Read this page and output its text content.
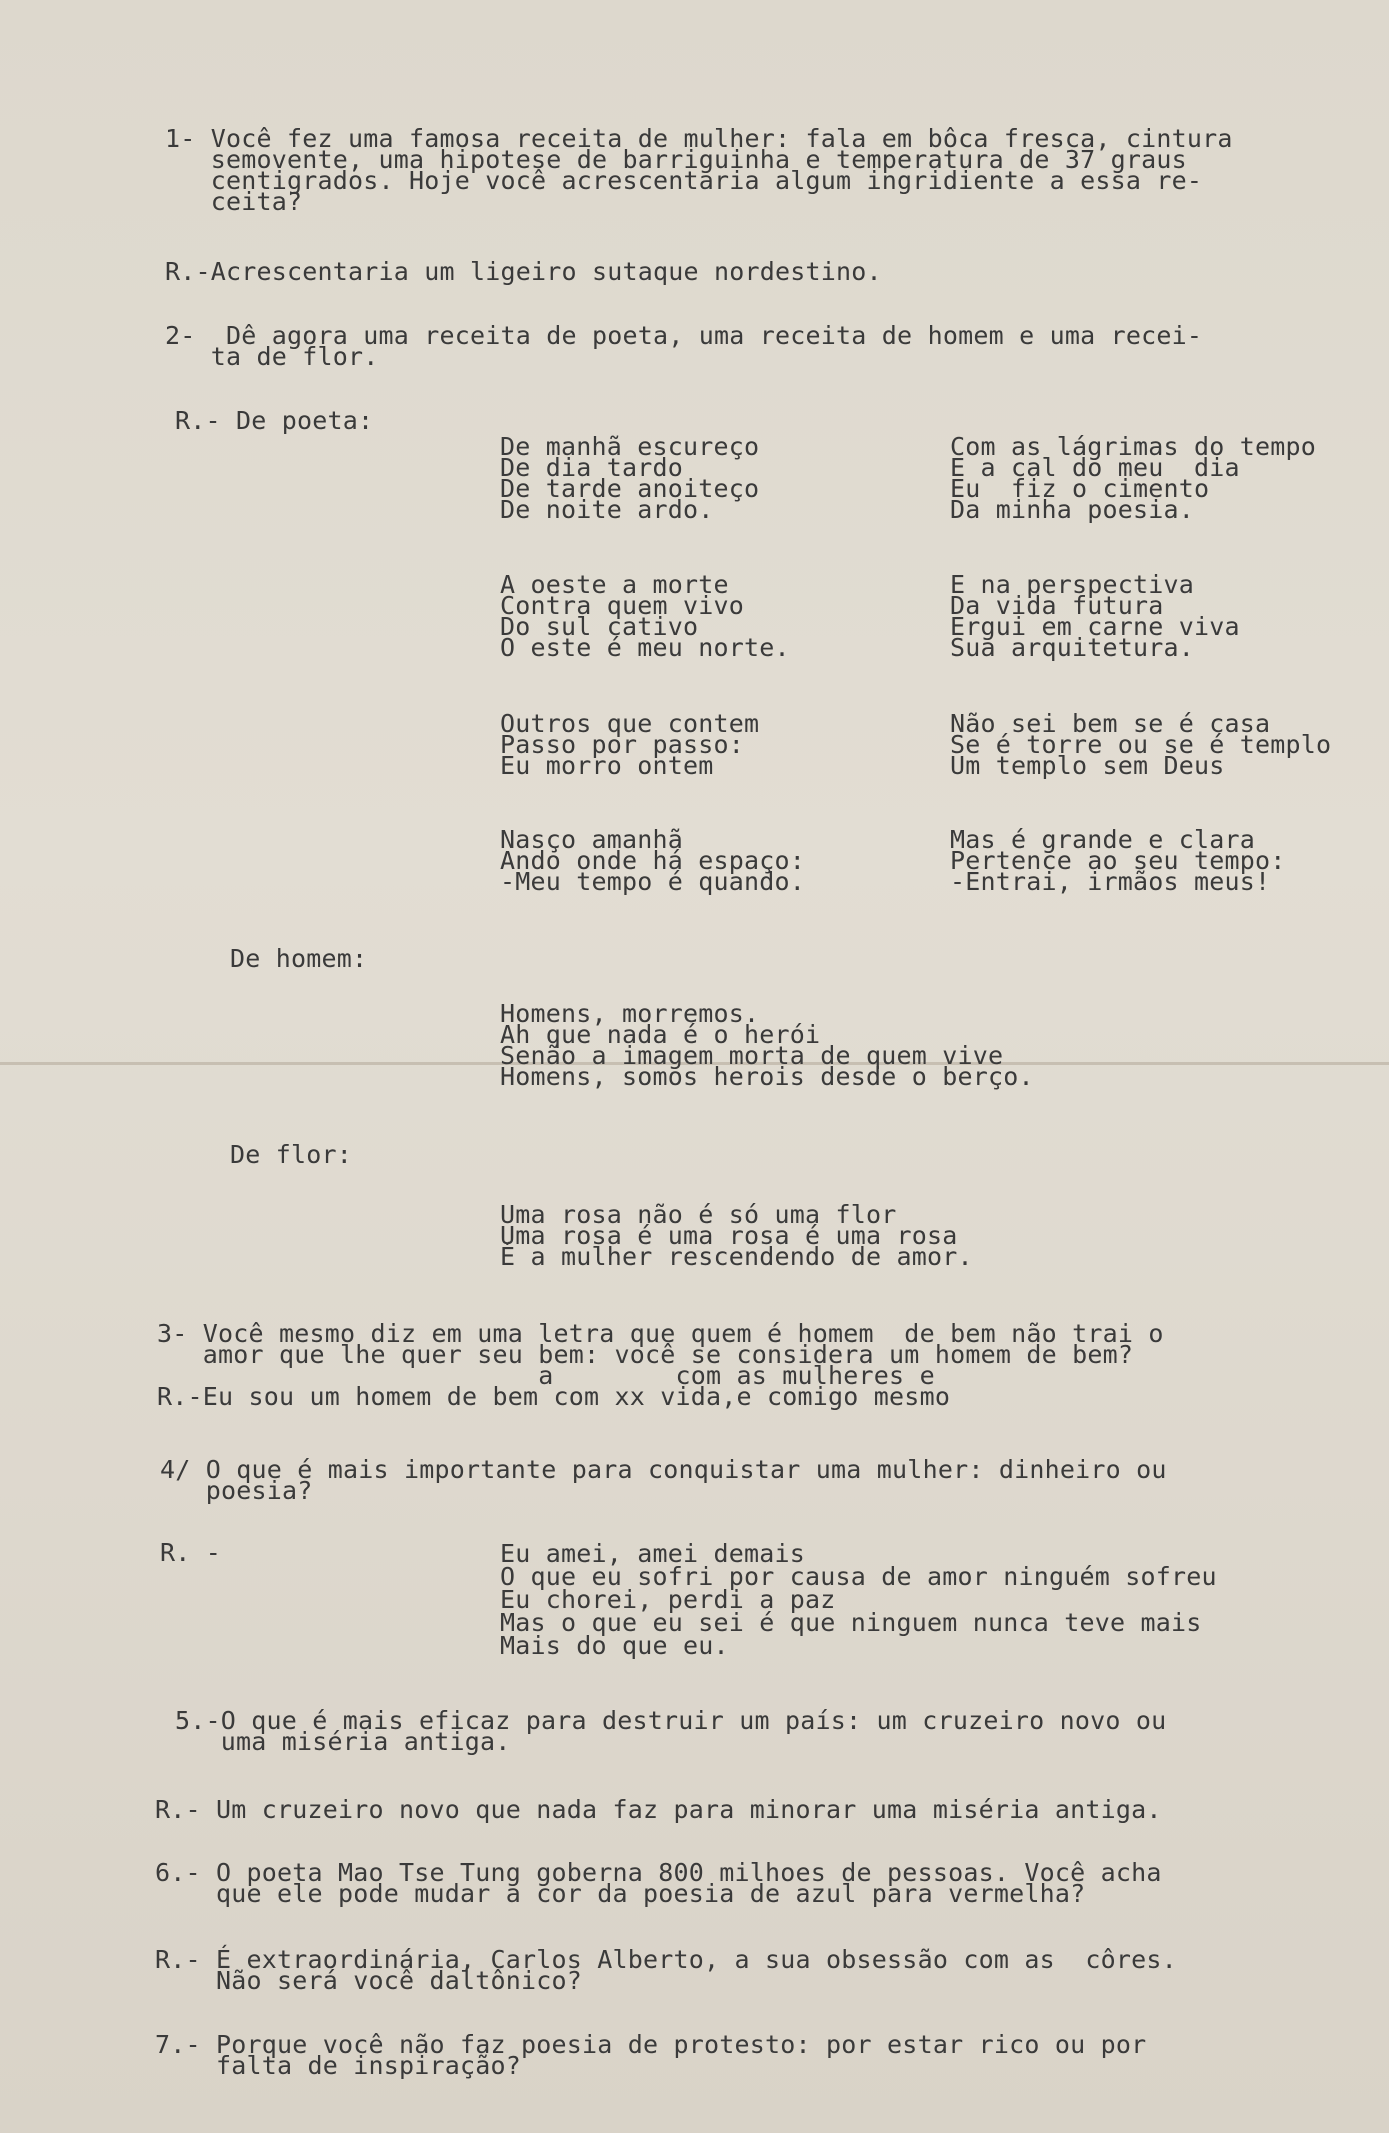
1- Você fez uma famosa receita de mulher: fala em bôca fresca, cintura
semovente, uma hipotese de barriguinha e temperatura de 37 graus
centigrados. Hoje você acrescentaria algum ingridiente a essa re-
ceita?
R.-Acrescentaria um ligeiro sutaque nordestino.
2-  Dê agora uma receita de poeta, uma receita de homem e uma recei-
ta de flor.
R.- De poeta:
De manhã escureço
De dia tardo
De tarde anoiteço
De noite ardo.
A oeste a morte
Contra quem vivo
Do sul cativo
O este é meu norte.
Outros que contem
Passo por passo:
Eu morro ontem
Nasço amanhã
Ando onde há espaço:
-Meu tempo é quando.
Com as lágrimas do tempo
E a cal do meu  dia
Eu  fiz o cimento
Da minha poesia.
E na perspectiva
Da vida futura
Ergui em carne viva
Sua arquitetura.
Não sei bem se é casa
Se é torre ou se é templo
Um templo sem Deus
Mas é grande e clara
Pertence ao seu tempo:
-Entrai, irmãos meus!
De homem:
Homens, morremos.
Ah que nada é o herói
Senão a imagem morta de quem vive
Homens, somos herois desde o berço.
De flor:
Uma rosa não é só uma flor
Uma rosa é uma rosa é uma rosa
É a mulher rescendendo de amor.
3- Você mesmo diz em uma letra que quem é homem  de bem não trai o
amor que lhe quer seu bem: você se considera um homem de bem?
a        com as mulheres e
R.-Eu sou um homem de bem com xx vida,e comigo mesmo
4/ O que é mais importante para conquistar uma mulher: dinheiro ou
poesia?
R. -	Eu amei, amei demais
O que eu sofri por causa de amor ninguém sofreu
Eu chorei, perdi a paz
Mas o que eu sei é que ninguem nunca teve mais
Mais do que eu.
5.-O que é mais eficaz para destruir um país: um cruzeiro novo ou
uma miséria antiga.
R.- Um cruzeiro novo que nada faz para minorar uma miséria antiga.
6.- O poeta Mao Tse Tung goberna 800 milhoes de pessoas. Você acha
que ele pode mudar a cor da poesia de azul para vermelha?
R.- É extraordinária, Carlos Alberto, a sua obsessão com as  côres.
Não será você daltônico?
7.- Porque você não faz poesia de protesto: por estar rico ou por
falta de inspiração?
